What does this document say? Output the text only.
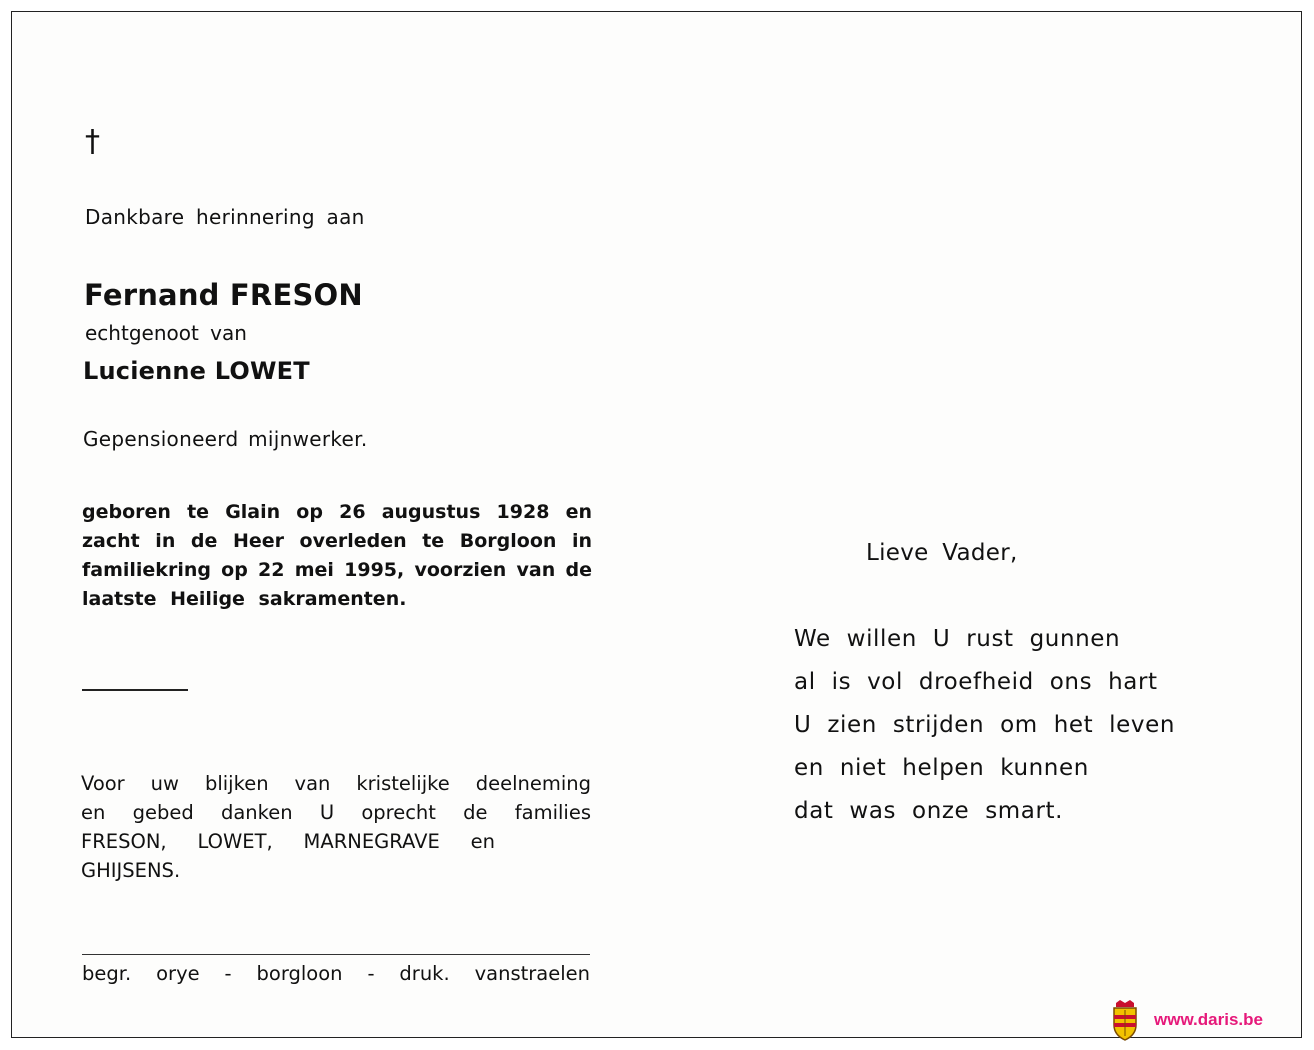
†
Dankbare herinnering aan
Fernand FRESON
echtgenoot van
Lucienne LOWET
Gepensioneerd mijnwerker.
geboren te Glain op 26 augustus 1928 en
zacht in de Heer overleden te Borgloon in
familiekring op 22 mei 1995, voorzien van de
laatste Heilige sakramenten.
Voor uw blijken van kristelijke deelneming
en gebed danken U oprecht de families
FRESON, LOWET, MARNEGRAVE en
GHIJSENS.
begr. orye - borgloon - druk. vanstraelen
Lieve Vader,
We willen U rust gunnen
al is vol droefheid ons hart
U zien strijden om het leven
en niet helpen kunnen
dat was onze smart.
www.daris.be
